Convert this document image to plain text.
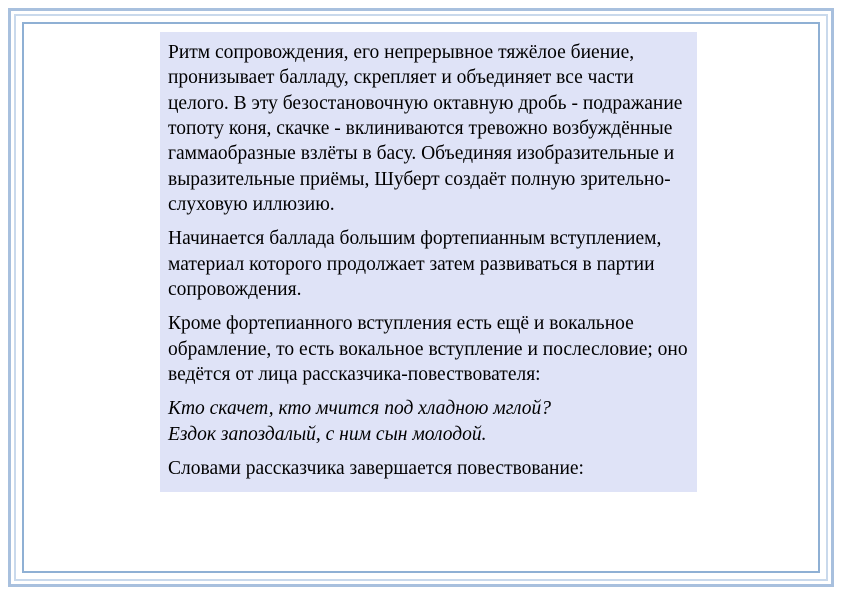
Ритм сопровождения, его непрерывное тяжёлое биение, пронизывает балладу, скрепляет и объединяет все части целого. В эту безостановочную октавную дробь - подражание топоту коня, скачке - вклиниваются тревожно возбуждённые гаммаобразные взлёты в басу. Объединяя изобразительные и выразительные приёмы, Шуберт создаёт полную зрительно-слуховую иллюзию.

Начинается баллада большим фортепианным вступлением, материал которого продолжает затем развиваться в партии сопровождения.

Кроме фортепианного вступления есть ещё и вокальное обрамление, то есть вокальное вступление и послесловие; оно ведётся от лица рассказчика-повествователя:

Кто скачет, кто мчится под хладною мглой?

Ездок запоздалый, с ним сын молодой.

Словами рассказчика завершается повествование:
